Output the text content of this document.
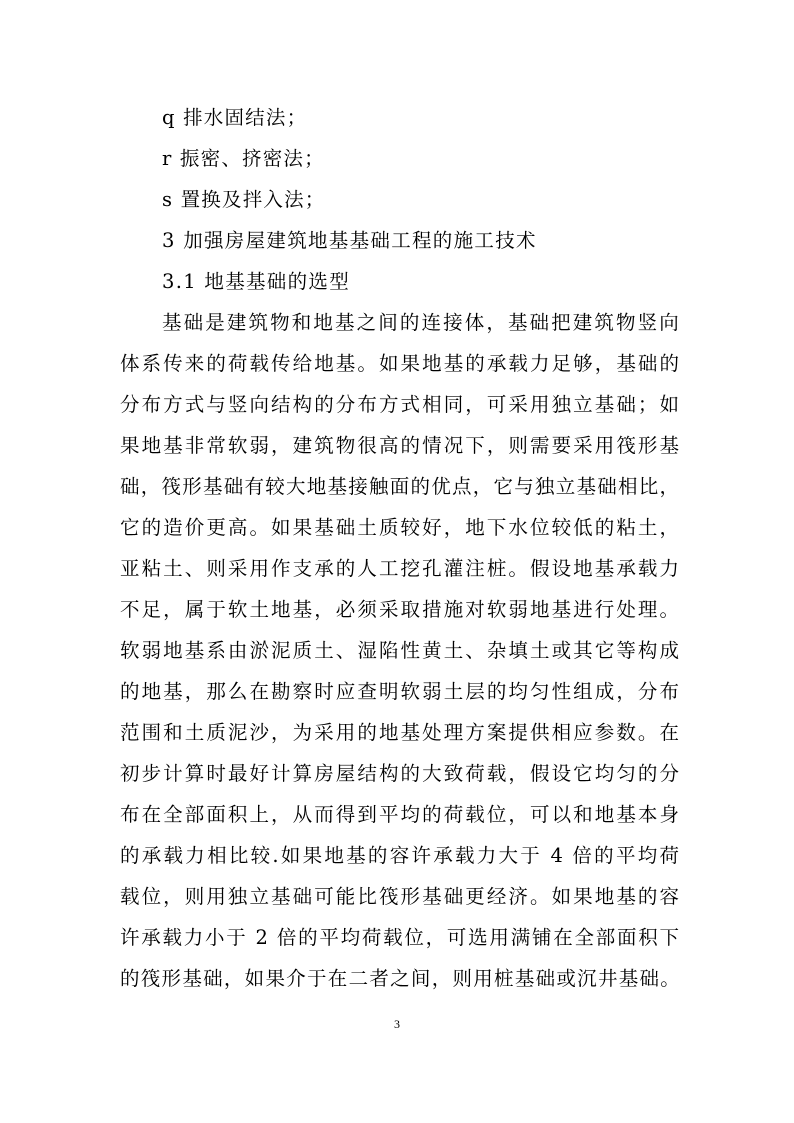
q 排水固结法；
r 振密、挤密法；
s 置换及拌入法；
3 加强房屋建筑地基基础工程的施工技术
3.1 地基基础的选型
基础是建筑物和地基之间的连接体，基础把建筑物竖向
体系传来的荷载传给地基。如果地基的承载力足够，基础的
分布方式与竖向结构的分布方式相同，可采用独立基础；如
果地基非常软弱，建筑物很高的情况下，则需要采用筏形基
础，筏形基础有较大地基接触面的优点，它与独立基础相比，
它的造价更高。如果基础土质较好，地下水位较低的粘土，
亚粘土、则采用作支承的人工挖孔灌注桩。假设地基承载力
不足，属于软土地基，必须采取措施对软弱地基进行处理。
软弱地基系由淤泥质土、湿陷性黄土、杂填土或其它等构成
的地基，那么在勘察时应查明软弱土层的均匀性组成，分布
范围和土质泥沙，为采用的地基处理方案提供相应参数。在
初步计算时最好计算房屋结构的大致荷载，假设它均匀的分
布在全部面积上，从而得到平均的荷载位，可以和地基本身
的承载力相比较.如果地基的容许承载力大于 4 倍的平均荷
载位，则用独立基础可能比筏形基础更经济。如果地基的容
许承载力小于 2 倍的平均荷载位，可选用满铺在全部面积下
的筏形基础，如果介于在二者之间，则用桩基础或沉井基础。
3
